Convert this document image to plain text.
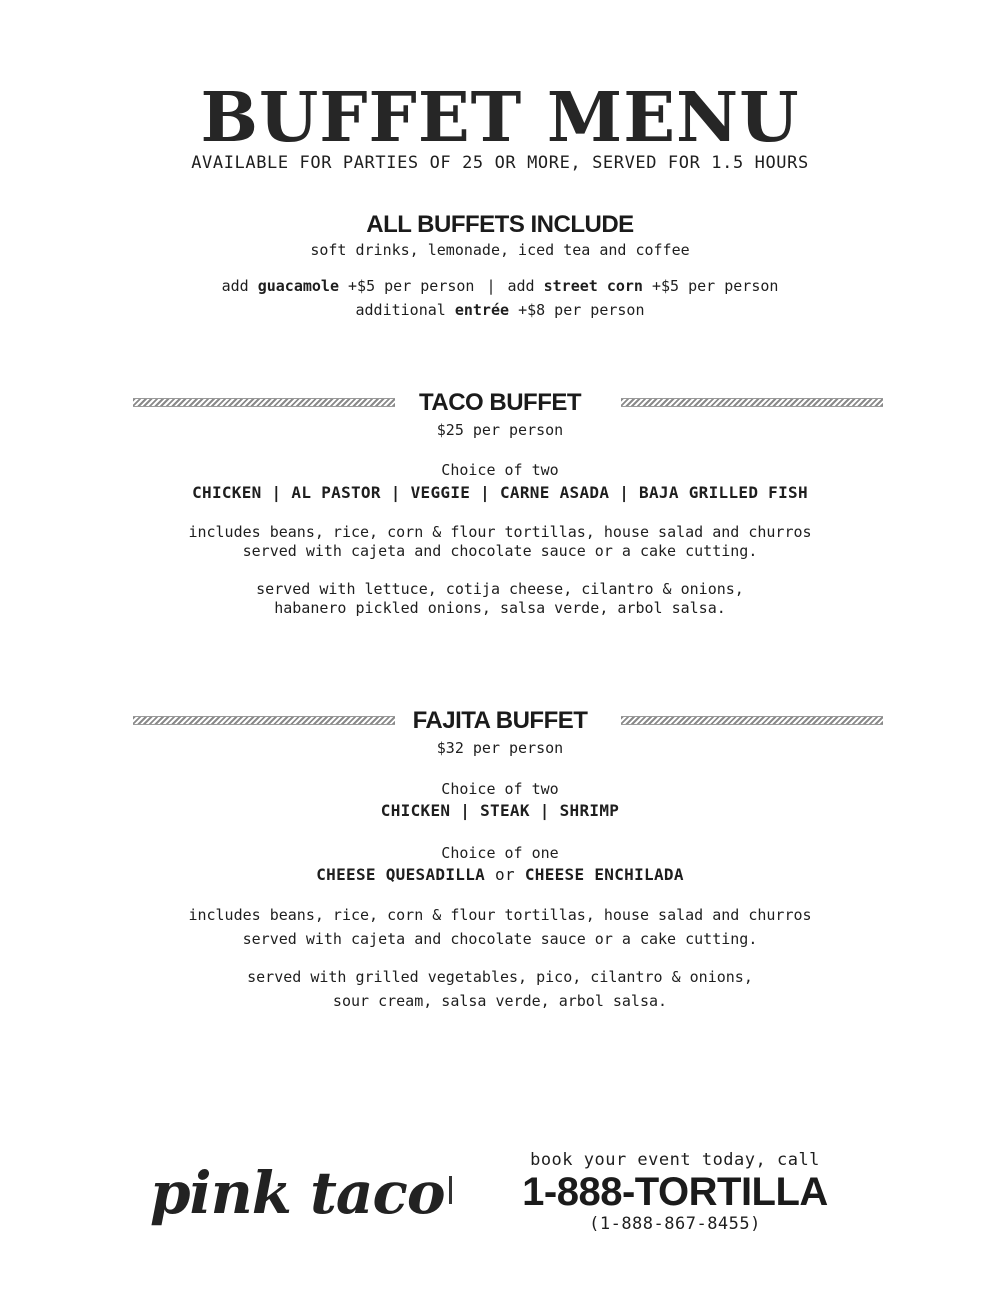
BUFFET MENU
AVAILABLE FOR PARTIES OF 25 OR MORE, SERVED FOR 1.5 HOURS
ALL BUFFETS INCLUDE
soft drinks, lemonade, iced tea and coffee
add guacamole +$5 per person | add street corn +$5 per person
additional entrée +$8 per person
TACO BUFFET
$25 per person
Choice of two
CHICKEN | AL PASTOR | VEGGIE | CARNE ASADA | BAJA GRILLED FISH
includes beans, rice, corn & flour tortillas, house salad and churros
served with cajeta and chocolate sauce or a cake cutting.
served with lettuce, cotija cheese, cilantro & onions,
habanero pickled onions, salsa verde, arbol salsa.
FAJITA BUFFET
$32 per person
Choice of two
CHICKEN | STEAK | SHRIMP
Choice of one
CHEESE QUESADILLA or CHEESE ENCHILADA
includes beans, rice, corn & flour tortillas, house salad and churros
served with cajeta and chocolate sauce or a cake cutting.
served with grilled vegetables, pico, cilantro & onions,
sour cream, salsa verde, arbol salsa.
pink taco	book your event today, call
1-888-TORTILLA
(1-888-867-8455)
